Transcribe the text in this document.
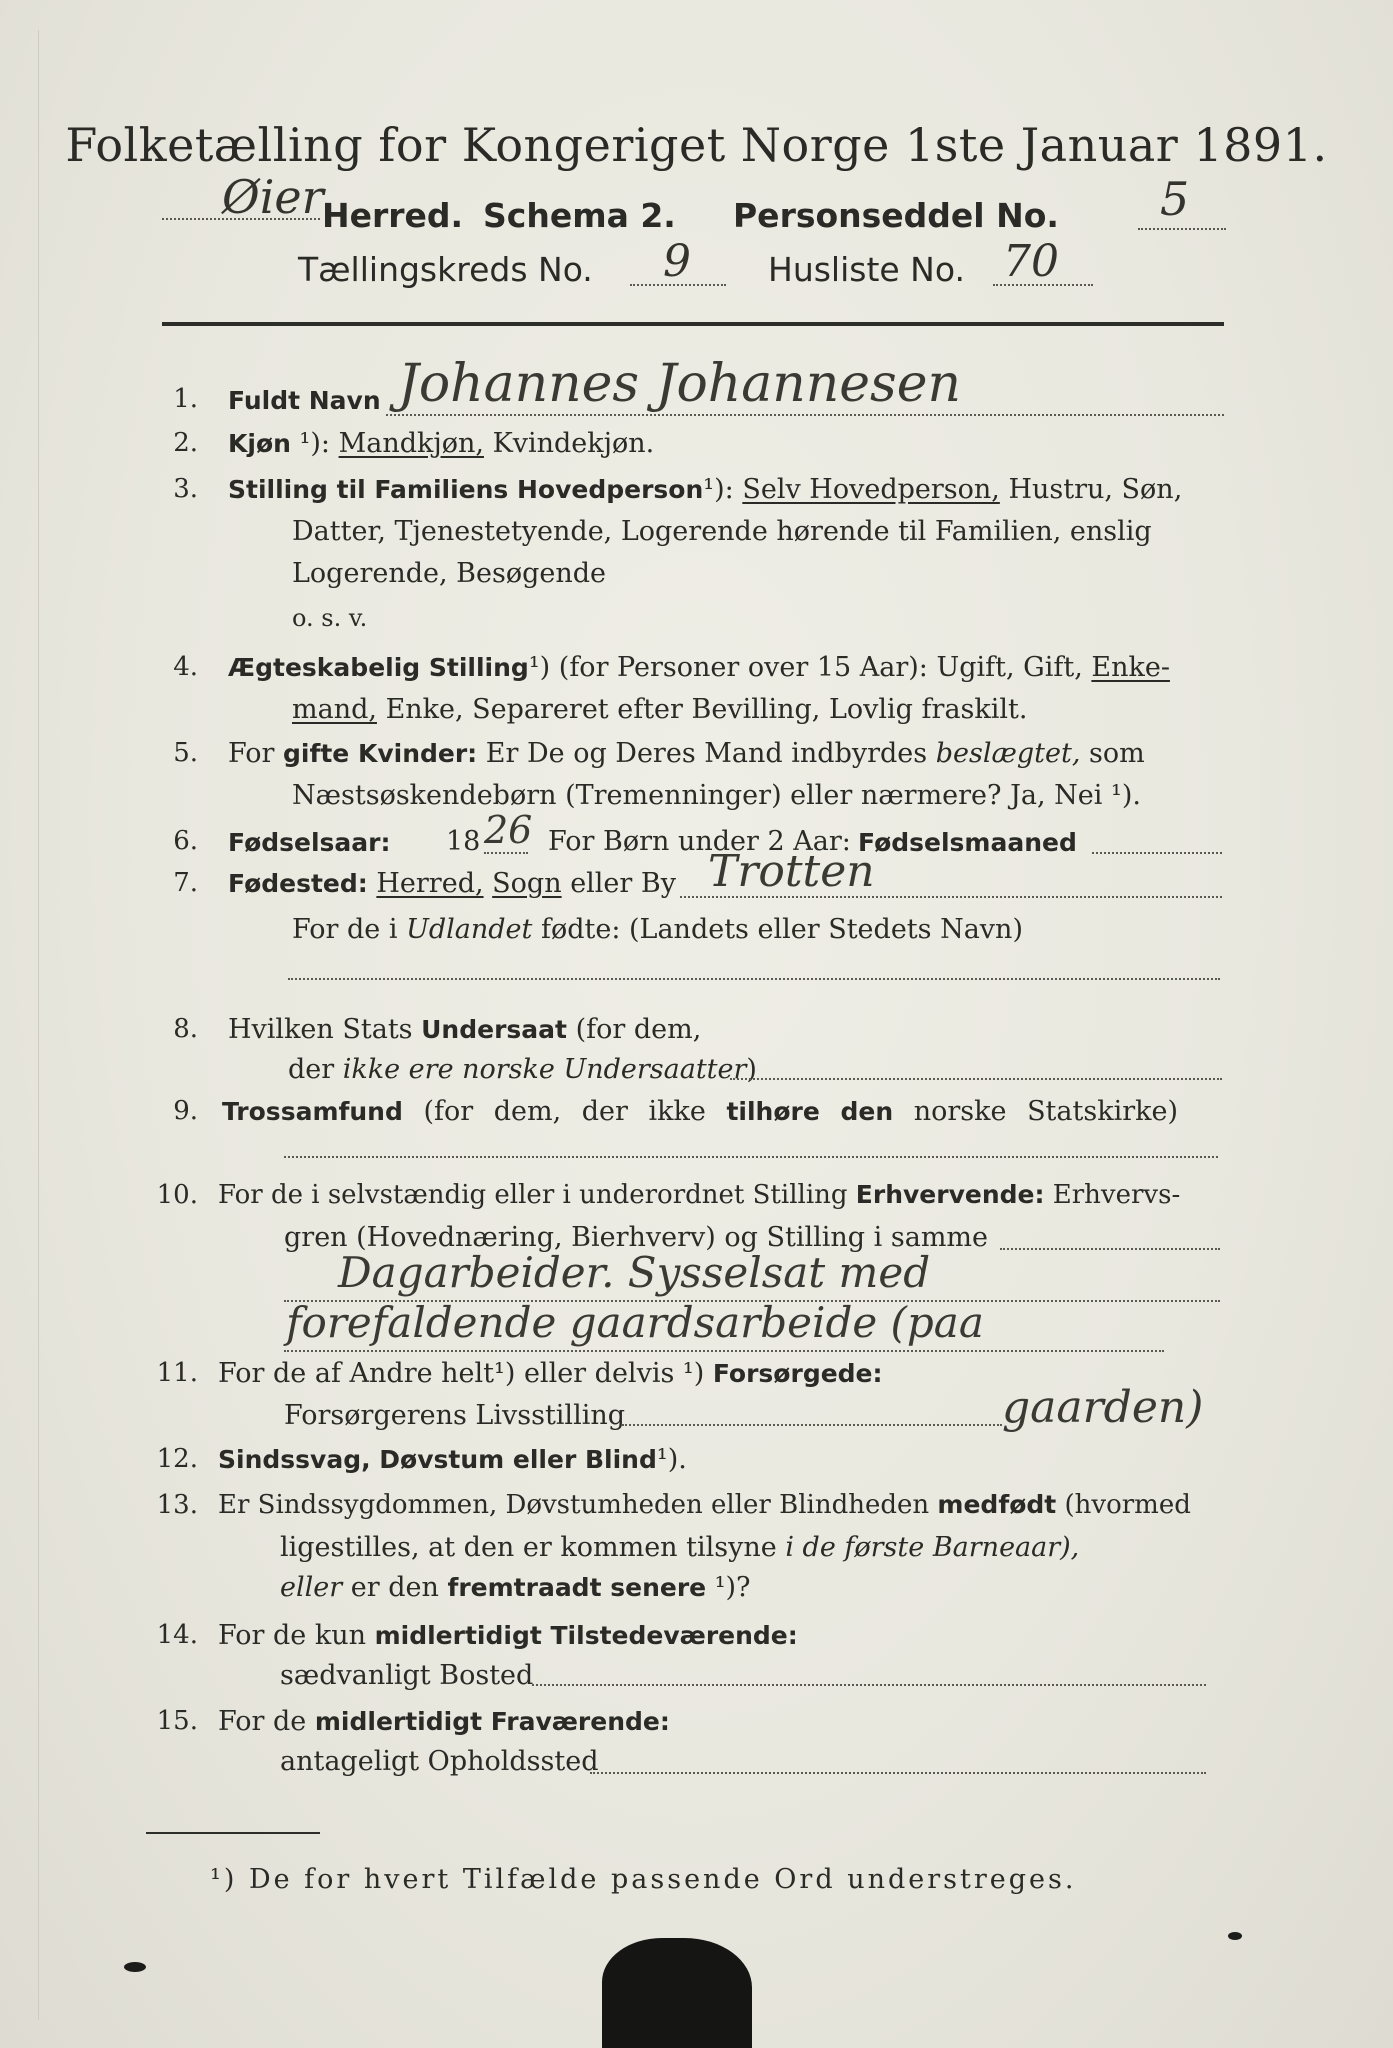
Folketælling for Kongeriget Norge 1ste Januar 1891.
Øier
Herred. Schema 2. Personseddel No. 5
Tællingskreds No. 9 Husliste No. 70
1. Fuldt Navn Johannes Johannesen
2. Kjøn ¹): Mandkjøn, Kvindekjøn.
3. Stilling til Familiens Hovedperson¹): Selv Hovedperson, Hustru, Søn,
Datter, Tjenestetyende, Logerende hørende til Familien, enslig
Logerende, Besøgende
o. s. v.
4. Ægteskabelig Stilling¹) (for Personer over 15 Aar): Ugift, Gift, Enke-
mand, Enke, Separeret efter Bevilling, Lovlig fraskilt.
5. For gifte Kvinder: Er De og Deres Mand indbyrdes beslægtet, som
Næstsøskendebørn (Tremenninger) eller nærmere? Ja, Nei ¹).
6. Fødselsaar: 18 26 For Børn under 2 Aar: Fødselsmaaned
7. Fødested: Herred, Sogn eller By Trotten
For de i Udlandet fødte: (Landets eller Stedets Navn)
8. Hvilken Stats Undersaat (for dem,
der ikke ere norske Undersaatter)
9. Trossamfund (for dem, der ikke tilhøre den norske Statskirke)
10. For de i selvstændig eller i underordnet Stilling Erhvervende: Erhvervs-
gren (Hovednæring, Bierhverv) og Stilling i samme
Dagarbeider. Sysselsat med
forefaldende gaardsarbeide (paa
11. For de af Andre helt¹) eller delvis ¹) Forsørgede:
Forsørgerens Livsstilling	gaarden)
12. Sindssvag, Døvstum eller Blind¹).
13. Er Sindssygdommen, Døvstumheden eller Blindheden medfødt (hvormed
ligestilles, at den er kommen tilsyne i de første Barneaar),
eller er den fremtraadt senere ¹)?
14. For de kun midlertidigt Tilstedeværende:
sædvanligt Bosted
15. For de midlertidigt Fraværende:
antageligt Opholdssted
¹) De for hvert Tilfælde passende Ord understreges.
